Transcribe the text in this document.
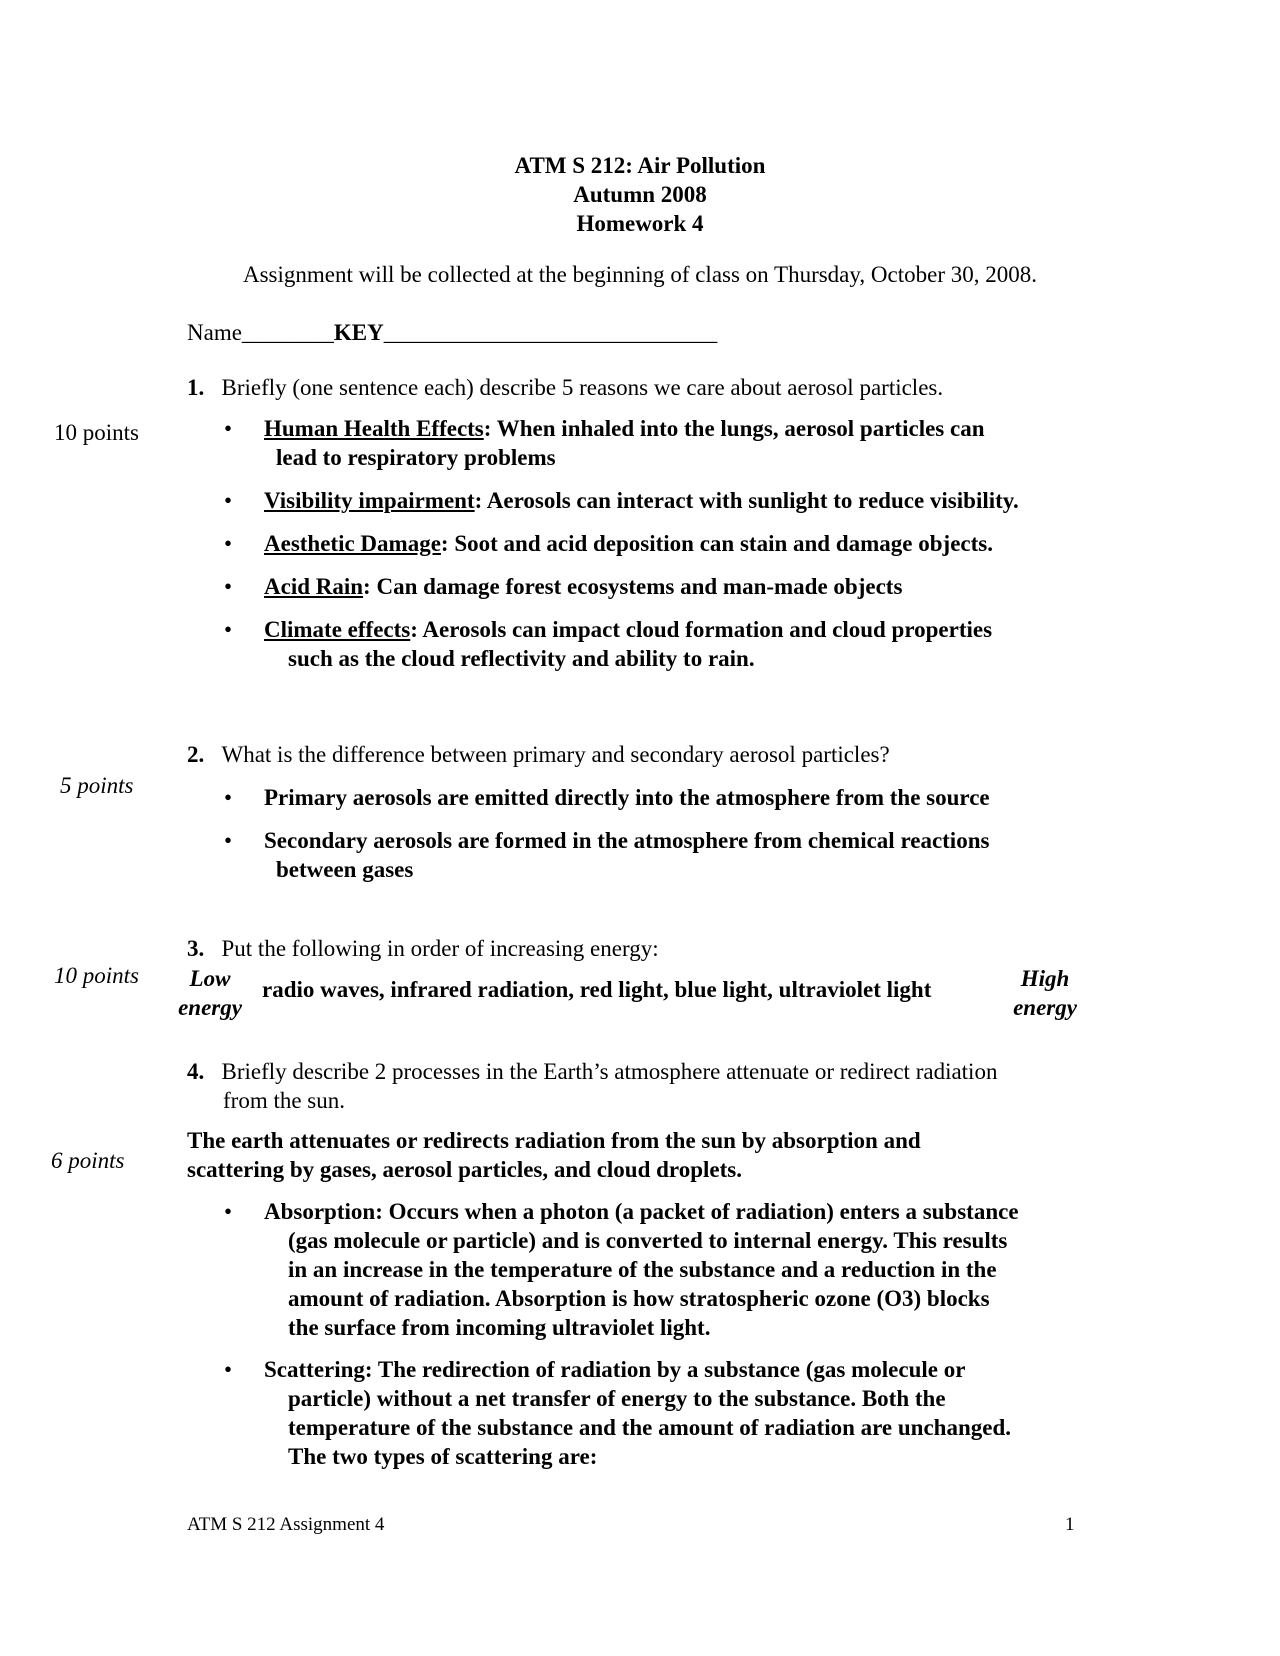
ATM S 212: Air Pollution
Autumn 2008
Homework 4
Assignment will be collected at the beginning of class on Thursday, October 30, 2008.
Name________KEY_____________________________
1. Briefly (one sentence each) describe 5 reasons we care about aerosol particles.
10 points	•	Human Health Effects: When inhaled into the lungs, aerosol particles can
lead to respiratory problems
•	Visibility impairment: Aerosols can interact with sunlight to reduce visibility.
•	Aesthetic Damage: Soot and acid deposition can stain and damage objects.
•	Acid Rain: Can damage forest ecosystems and man-made objects
•	Climate effects: Aerosols can impact cloud formation and cloud properties
such as the cloud reflectivity and ability to rain.
2. What is the difference between primary and secondary aerosol particles?
5 points	•	Primary aerosols are emitted directly into the atmosphere from the source
•	Secondary aerosols are formed in the atmosphere from chemical reactions
between gases
3. Put the following in order of increasing energy:
10 points	Low
energy
radio waves, infrared radiation, red light, blue light, ultraviolet light	High
energy
4. Briefly describe 2 processes in the Earth’s atmosphere attenuate or redirect radiation
from the sun.
6 points
The earth attenuates or redirects radiation from the sun by absorption and
scattering by gases, aerosol particles, and cloud droplets.
•	Absorption: Occurs when a photon (a packet of radiation) enters a substance
(gas molecule or particle) and is converted to internal energy. This results
in an increase in the temperature of the substance and a reduction in the
amount of radiation. Absorption is how stratospheric ozone (O3) blocks
the surface from incoming ultraviolet light.
•	Scattering: The redirection of radiation by a substance (gas molecule or
particle) without a net transfer of energy to the substance. Both the
temperature of the substance and the amount of radiation are unchanged.
The two types of scattering are:
ATM S 212 Assignment 4	1
